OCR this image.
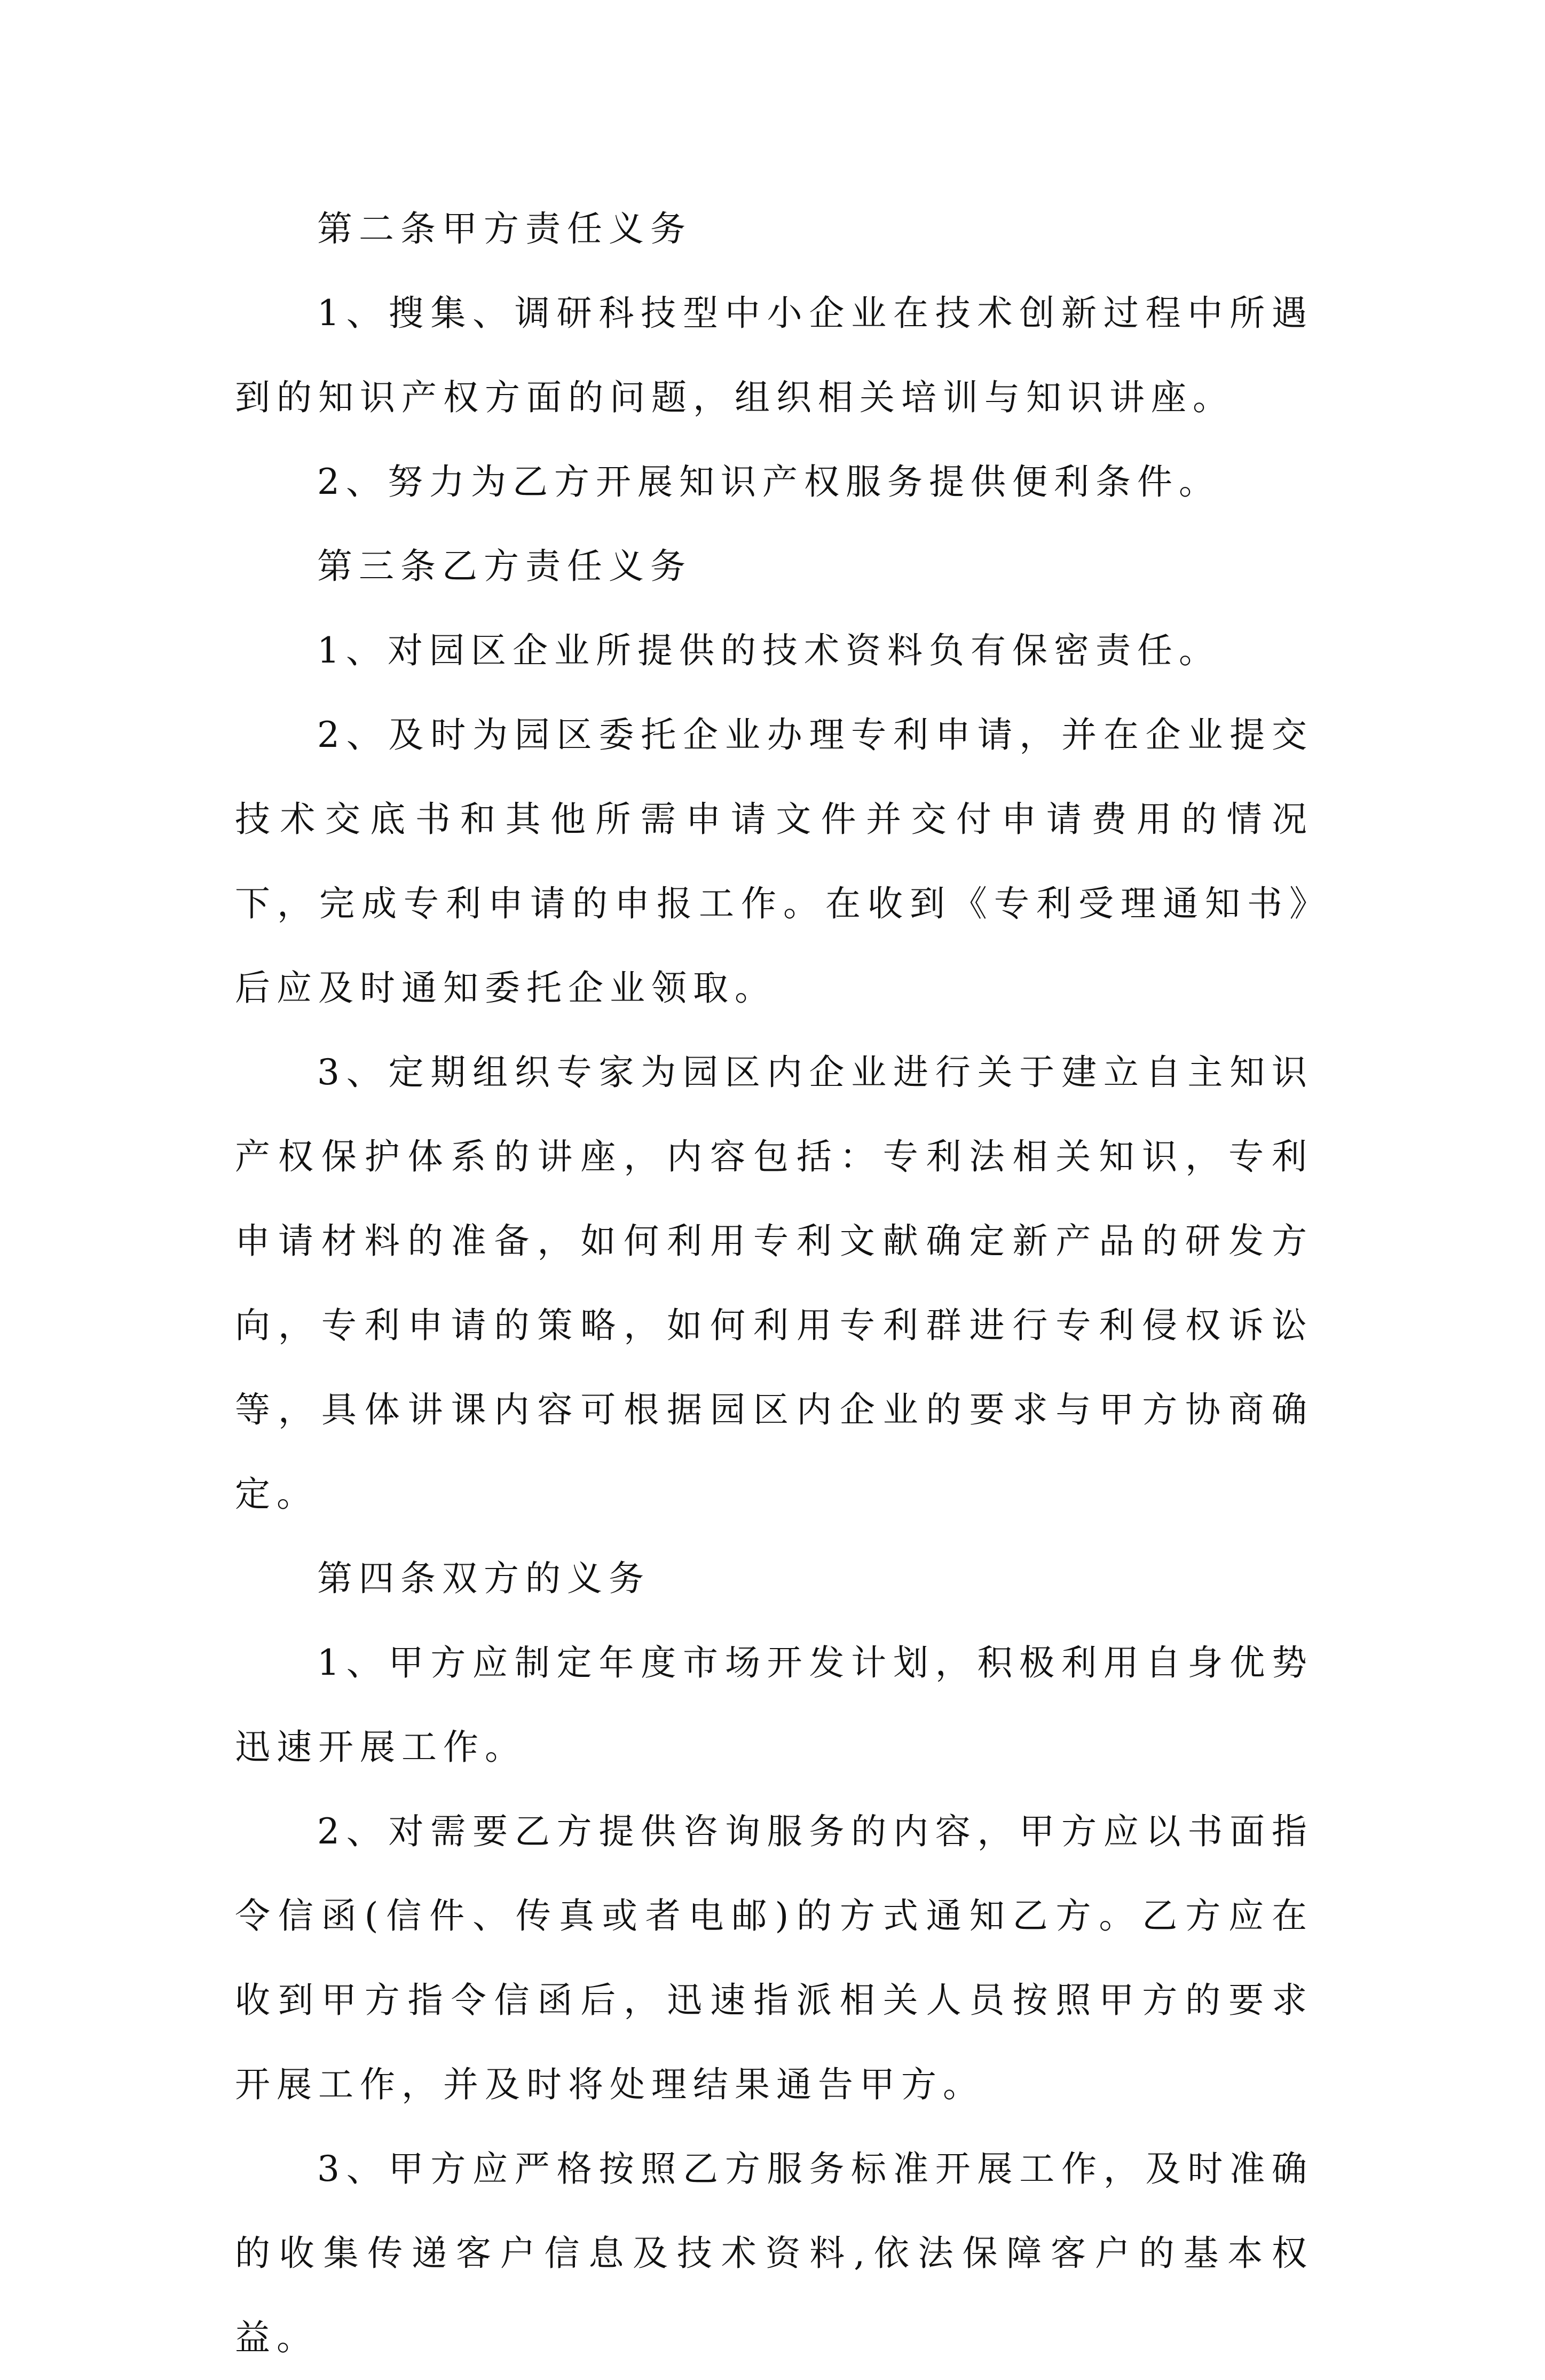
第二条甲方责任义务

1、搜集、调研科技型中小企业在技术创新过程中所遇到的知识产权方面的问题，组织相关培训与知识讲座。

2、努力为乙方开展知识产权服务提供便利条件。

第三条乙方责任义务

1、对园区企业所提供的技术资料负有保密责任。

2、及时为园区委托企业办理专利申请，并在企业提交技术交底书和其他所需申请文件并交付申请费用的情况下，完成专利申请的申报工作。在收到《专利受理通知书》后应及时通知委托企业领取。

3、定期组织专家为园区内企业进行关于建立自主知识产权保护体系的讲座，内容包括：专利法相关知识，专利申请材料的准备，如何利用专利文献确定新产品的研发方向，专利申请的策略，如何利用专利群进行专利侵权诉讼等，具体讲课内容可根据园区内企业的要求与甲方协商确定。

第四条双方的义务

1、甲方应制定年度市场开发计划，积极利用自身优势迅速开展工作。

2、对需要乙方提供咨询服务的内容，甲方应以书面指令信函(信件、传真或者电邮)的方式通知乙方。乙方应在收到甲方指令信函后，迅速指派相关人员按照甲方的要求开展工作，并及时将处理结果通告甲方。

3、甲方应严格按照乙方服务标准开展工作，及时准确的收集传递客户信息及技术资料,依法保障客户的基本权益。
